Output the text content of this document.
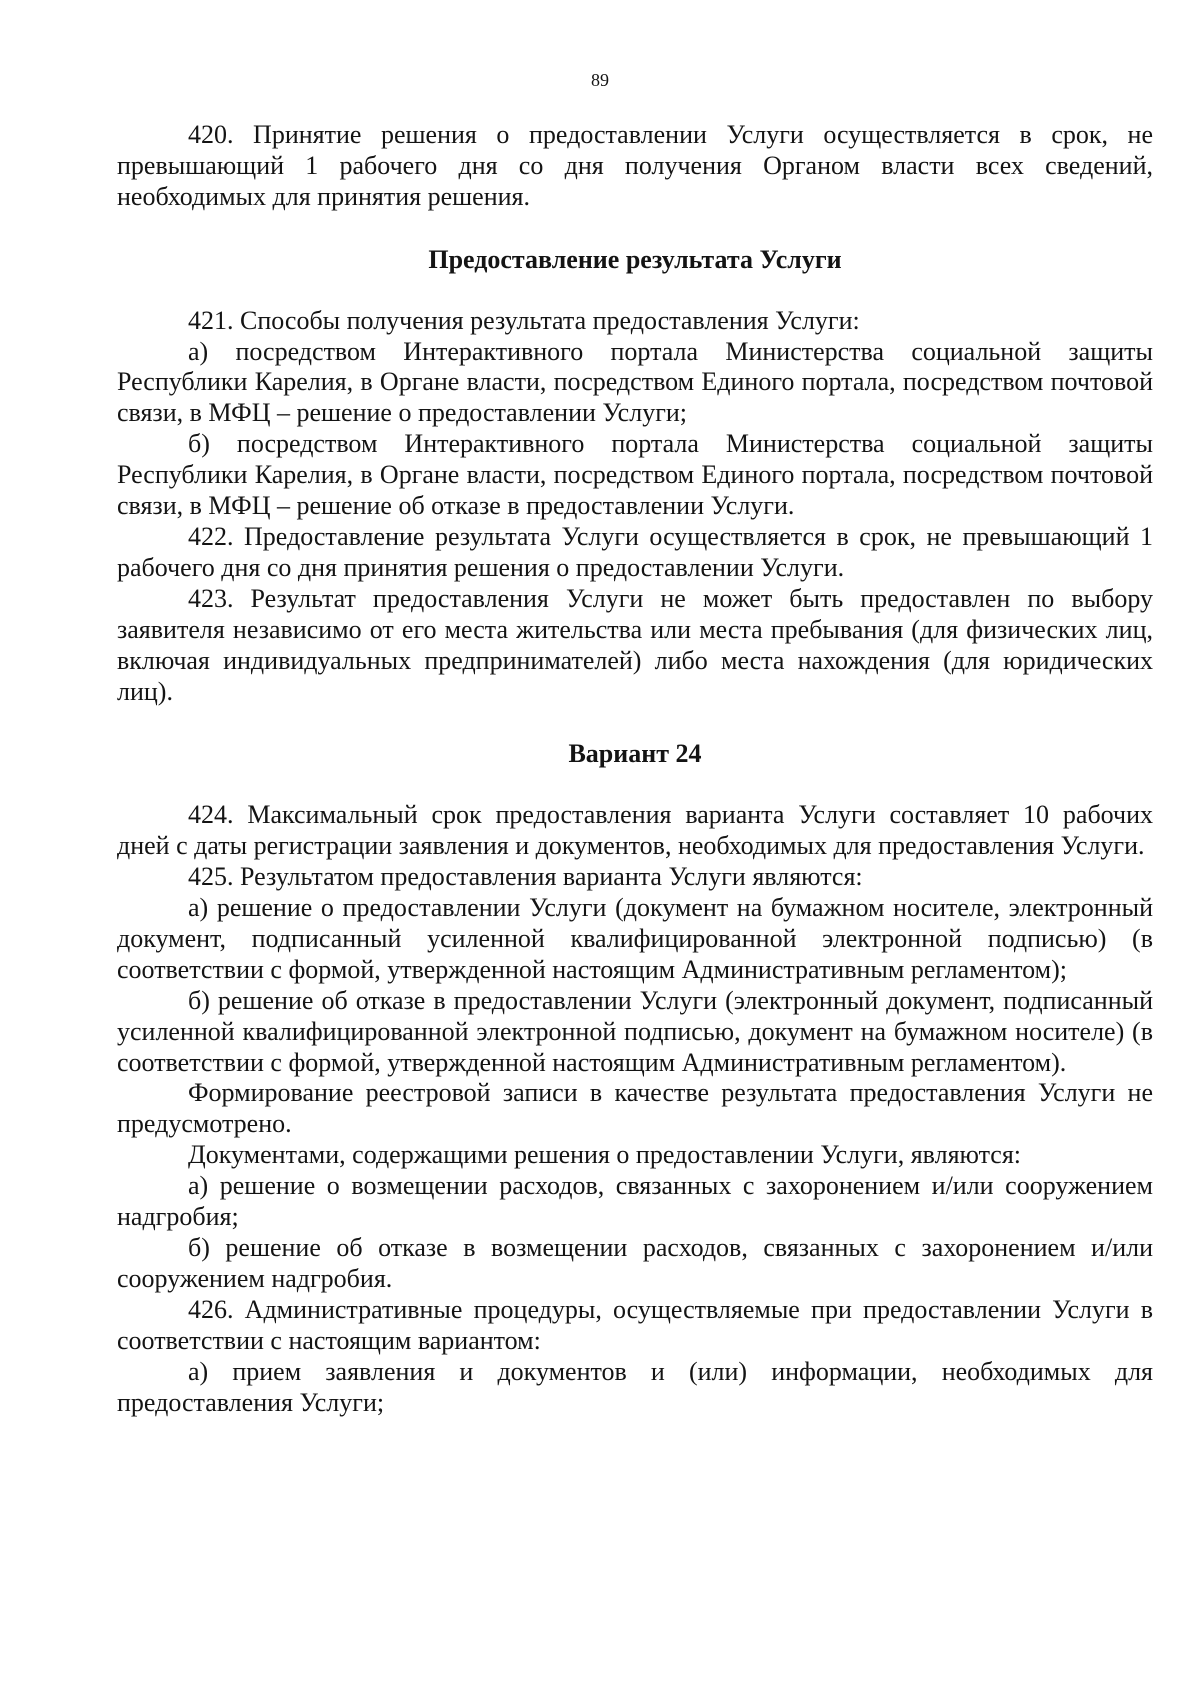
89

420. Принятие решения о предоставлении Услуги осуществляется в срок, не превышающий 1 рабочего дня со дня получения Органом власти всех сведений, необходимых для принятия решения.

Предоставление результата Услуги

421. Способы получения результата предоставления Услуги:

а) посредством Интерактивного портала Министерства социальной защиты Республики Карелия, в Органе власти, посредством Единого портала, посредством почтовой связи, в МФЦ – решение о предоставлении Услуги;

б) посредством Интерактивного портала Министерства социальной защиты Республики Карелия, в Органе власти, посредством Единого портала, посредством почтовой связи, в МФЦ – решение об отказе в предоставлении Услуги.

422. Предоставление результата Услуги осуществляется в срок, не превышающий 1 рабочего дня со дня принятия решения о предоставлении Услуги.

423. Результат предоставления Услуги не может быть предоставлен по выбору заявителя независимо от его места жительства или места пребывания (для физических лиц, включая индивидуальных предпринимателей) либо места нахождения (для юридических лиц).

Вариант 24

424. Максимальный срок предоставления варианта Услуги составляет 10 рабочих дней с даты регистрации заявления и документов, необходимых для предоставления Услуги.

425. Результатом предоставления варианта Услуги являются:

а) решение о предоставлении Услуги (документ на бумажном носителе, электронный документ, подписанный усиленной квалифицированной электронной подписью) (в соответствии с формой, утвержденной настоящим Административным регламентом);

б) решение об отказе в предоставлении Услуги (электронный документ, подписанный усиленной квалифицированной электронной подписью, документ на бумажном носителе) (в соответствии с формой, утвержденной настоящим Административным регламентом).

Формирование реестровой записи в качестве результата предоставления Услуги не предусмотрено.

Документами, содержащими решения о предоставлении Услуги, являются:

а) решение о возмещении расходов, связанных с захоронением и/или сооружением надгробия;

б) решение об отказе в возмещении расходов, связанных с захоронением и/или сооружением надгробия.

426. Административные процедуры, осуществляемые при предоставлении Услуги в соответствии с настоящим вариантом:

а) прием заявления и документов и (или) информации, необходимых для предоставления Услуги;
